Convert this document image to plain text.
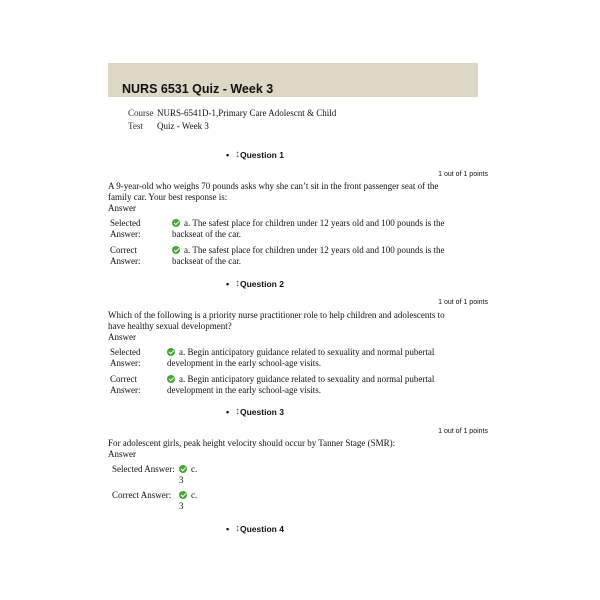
NURS 6531 Quiz - Week 3
Course NURS-6541D-1,Primary Care Adolescnt & Child
Test Quiz - Week 3
• ↕ Question 1
1 out of 1 points
A 9-year-old who weighs 70 pounds asks why she can’t sit in the front passenger seat of the family car. Your best response is:
Answer
Selected Answer:
a. The safest place for children under 12 years old and 100 pounds is the backseat of the car.
Correct Answer:
a. The safest place for children under 12 years old and 100 pounds is the backseat of the car.
• ↕ Question 2
1 out of 1 points
Which of the following is a priority nurse practitioner role to help children and adolescents to have healthy sexual development?
Answer
Selected Answer:
a. Begin anticipatory guidance related to sexuality and normal pubertal development in the early school-age visits.
Correct Answer:
a. Begin anticipatory guidance related to sexuality and normal pubertal development in the early school-age visits.
• ↕ Question 3
1 out of 1 points
For adolescent girls, peak height velocity should occur by Tanner Stage (SMR):
Answer
Selected Answer:	c.
3
Correct Answer:	c.
3
• ↕ Question 4
